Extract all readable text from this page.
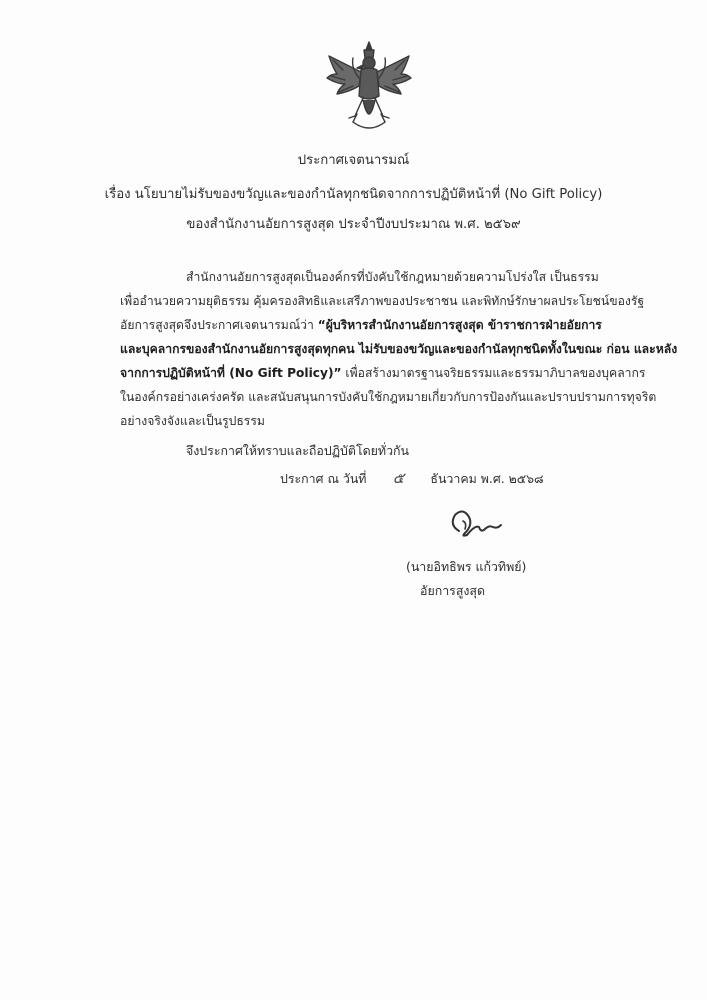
ประกาศเจตนารมณ์
เรื่อง นโยบายไม่รับของขวัญและของกำนัลทุกชนิดจากการปฏิบัติหน้าที่ (No Gift Policy)
ของสำนักงานอัยการสูงสุด ประจำปีงบประมาณ พ.ศ. ๒๕๖๙
สำนักงานอัยการสูงสุดเป็นองค์กรที่บังคับใช้กฎหมายด้วยความโปร่งใส เป็นธรรม
เพื่ออำนวยความยุติธรรม คุ้มครองสิทธิและเสรีภาพของประชาชน และพิทักษ์รักษาผลประโยชน์ของรัฐ
อัยการสูงสุดจึงประกาศเจตนารมณ์ว่า “ผู้บริหารสำนักงานอัยการสูงสุด ข้าราชการฝ่ายอัยการ
และบุคลากรของสำนักงานอัยการสูงสุดทุกคน ไม่รับของขวัญและของกำนัลทุกชนิดทั้งในขณะ ก่อน และหลัง
จากการปฏิบัติหน้าที่ (No Gift Policy)” เพื่อสร้างมาตรฐานจริยธรรมและธรรมาภิบาลของบุคลากร
ในองค์กรอย่างเคร่งครัด และสนับสนุนการบังคับใช้กฎหมายเกี่ยวกับการป้องกันและปราบปรามการทุจริต
อย่างจริงจังและเป็นรูปธรรม
จึงประกาศให้ทราบและถือปฏิบัติโดยทั่วกัน
ประกาศ ณ วันที่ ๕ ธันวาคม พ.ศ. ๒๕๖๘
(นายอิทธิพร แก้วทิพย์)
อัยการสูงสุด
